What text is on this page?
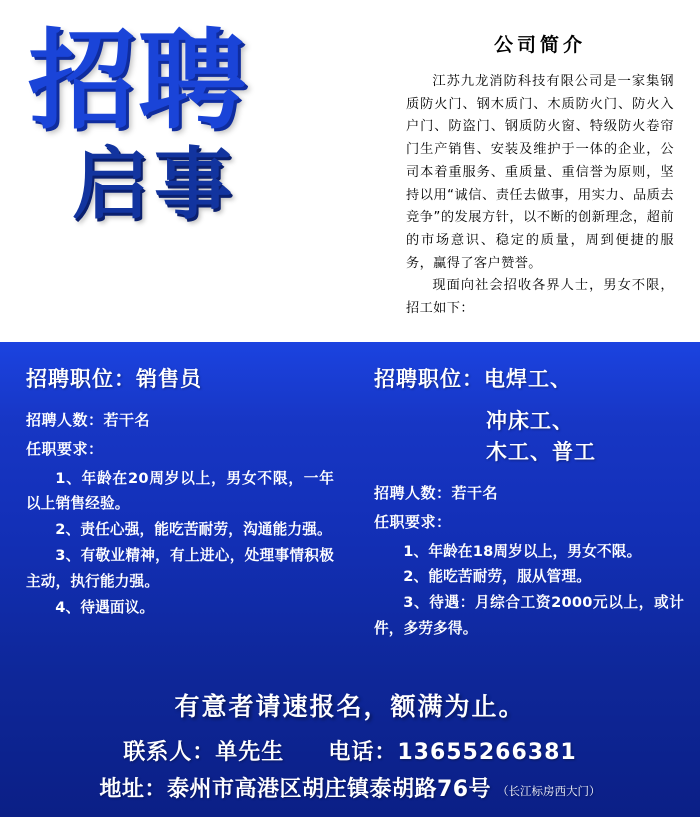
招聘
启事
公司简介

江苏九龙消防科技有限公司是一家集钢质防火门、钢木质门、木质防火门、防火入户门、防盗门、钢质防火窗、特级防火卷帘门生产销售、安装及维护于一体的企业，公司本着重服务、重质量、重信誉为原则，坚持以用“诚信、责任去做事，用实力、品质去竞争”的发展方针，以不断的创新理念，超前的市场意识、稳定的质量，周到便捷的服务，赢得了客户赞誉。

现面向社会招收各界人士，男女不限，招工如下：

招聘职位：销售员
招聘人数：若干名
任职要求：
1、年龄在20周岁以上，男女不限，一年以上销售经验。
2、责任心强，能吃苦耐劳，沟通能力强。
3、有敬业精神，有上进心，处理事情积极主动，执行能力强。
4、待遇面议。
招聘职位：电焊工、
冲床工、
木工、普工
招聘人数：若干名
任职要求：
1、年龄在18周岁以上，男女不限。
2、能吃苦耐劳，服从管理。
3、待遇：月综合工资2000元以上，或计件，多劳多得。
有意者请速报名，额满为止。
联系人：单先生 电话：13655266381
地址： 泰州市高港区胡庄镇泰胡路76号 （长江标房西大门）
